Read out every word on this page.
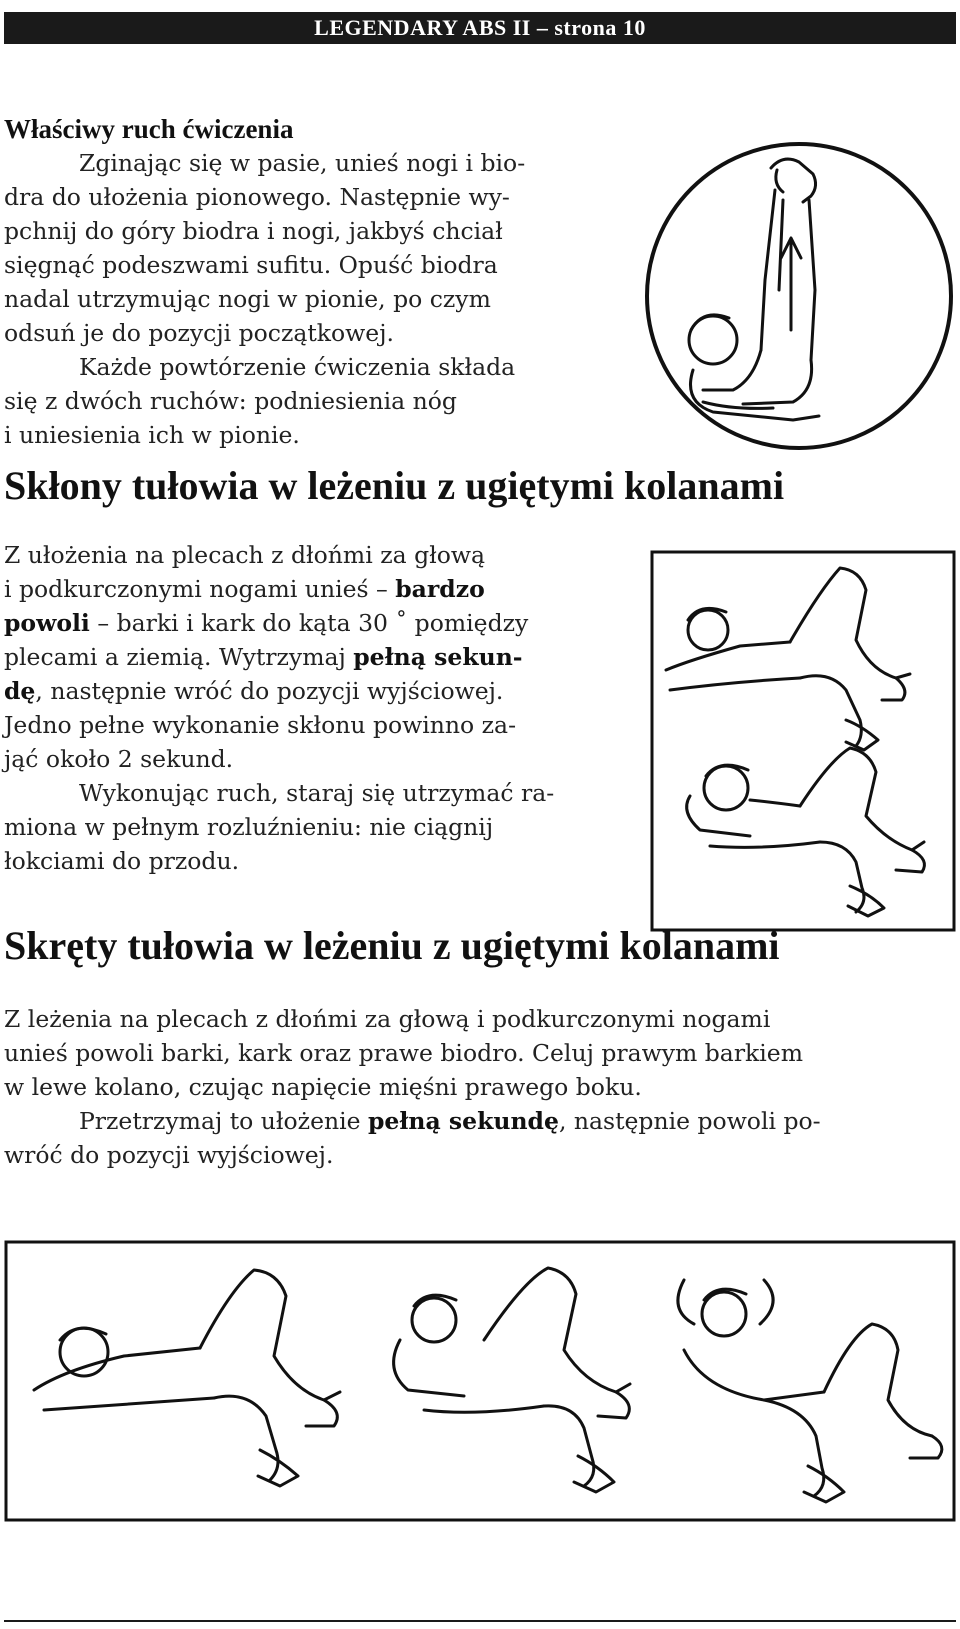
LEGENDARY ABS II – strona 10

Właściwy ruch ćwiczenia

Zginając się w pasie, unieś nogi i bio-

dra do ułożenia pionowego. Następnie wy-

pchnij do góry biodra i nogi, jakbyś chciał

sięgnąć podeszwami sufitu. Opuść biodra

nadal utrzymując nogi w pionie, po czym

odsuń je do pozycji początkowej.

Każde powtórzenie ćwiczenia składa

się z dwóch ruchów: podniesienia nóg

i uniesienia ich w pionie.

Skłony tułowia w leżeniu z ugiętymi kolanami

Z ułożenia na plecach z dłońmi za głową

i podkurczonymi nogami unieś – bardzo

powoli – barki i kark do kąta 30 ˚ pomiędzy

plecami a ziemią. Wytrzymaj pełną sekun-

dę, następnie wróć do pozycji wyjściowej.

Jedno pełne wykonanie skłonu powinno za-

jąć około 2 sekund.

Wykonując ruch, staraj się utrzymać ra-

miona w pełnym rozluźnieniu: nie ciągnij

łokciami do przodu.

Skręty tułowia w leżeniu z ugiętymi kolanami

Z leżenia na plecach z dłońmi za głową i podkurczonymi nogami

unieś powoli barki, kark oraz prawe biodro. Celuj prawym barkiem

w lewe kolano, czując napięcie mięśni prawego boku.

Przetrzymaj to ułożenie pełną sekundę, następnie powoli po-

wróć do pozycji wyjściowej.
